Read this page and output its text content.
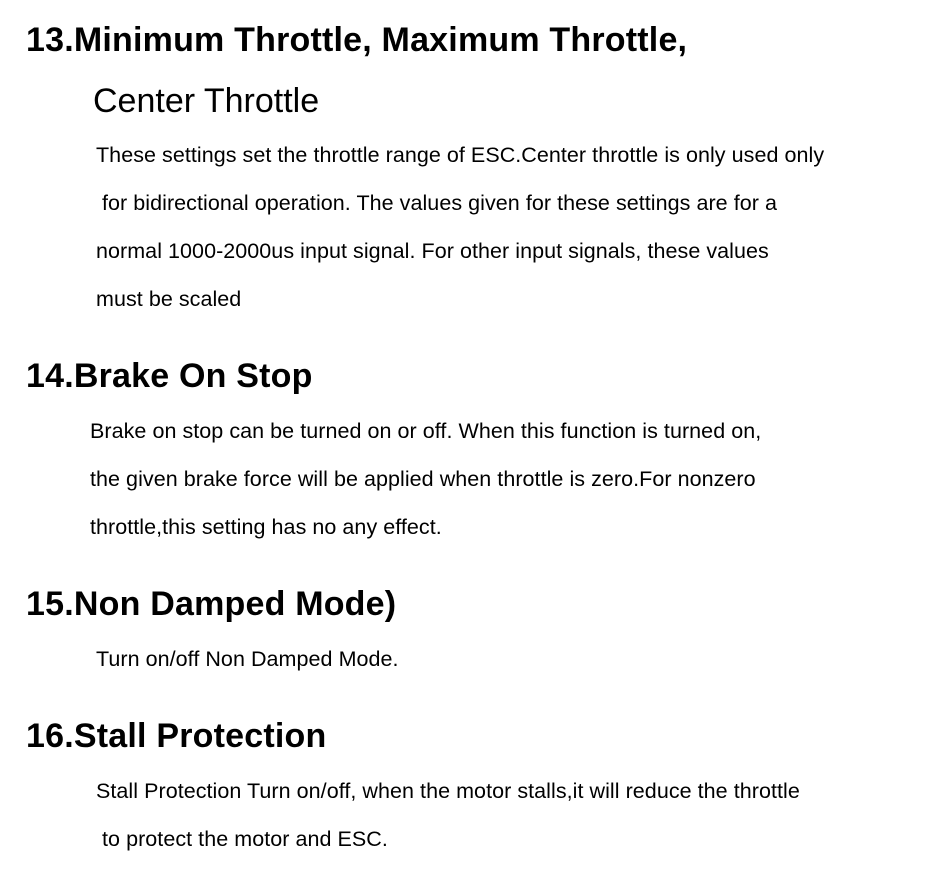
13.Minimum Throttle, Maximum Throttle,
Center Throttle

These settings set the throttle range of ESC.Center throttle is only used only

for bidirectional operation. The values given for these settings are for a

normal 1000-2000us input signal. For other input signals, these values

must be scaled

14.Brake On Stop

Brake on stop can be turned on or off. When this function is turned on,

the given brake force will be applied when throttle is zero.For nonzero

throttle,this setting has no any effect.

15.Non Damped Mode)

Turn on/off Non Damped Mode.

16.Stall Protection

Stall Protection Turn on/off, when the motor stalls,it will reduce the throttle

to protect the motor and ESC.
